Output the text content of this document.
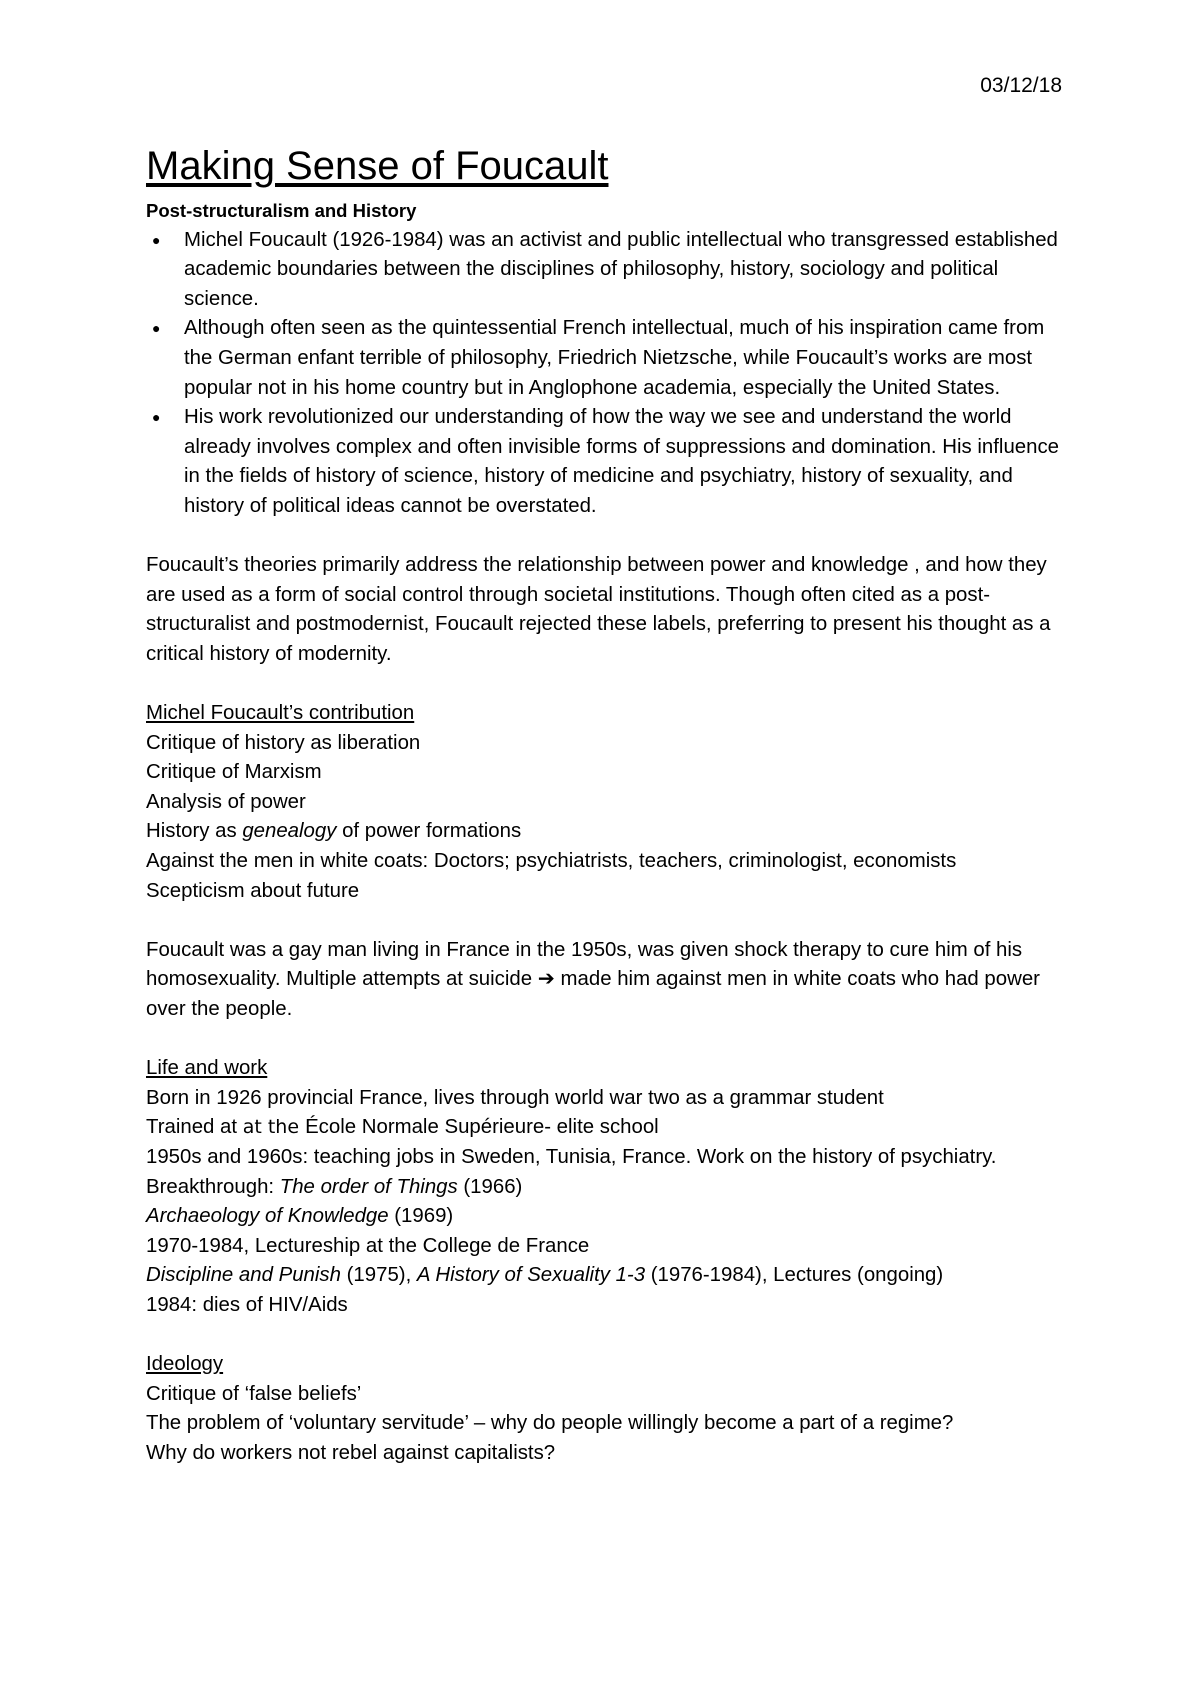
03/12/18
Making Sense of Foucault
Post-structuralism and History
● Michel Foucault (1926-1984) was an activist and public intellectual who transgressed established academic boundaries between the disciplines of philosophy, history, sociology and political science.
● Although often seen as the quintessential French intellectual, much of his inspiration came from the German enfant terrible of philosophy, Friedrich Nietzsche, while Foucault’s works are most popular not in his home country but in Anglophone academia, especially the United States.
● His work revolutionized our understanding of how the way we see and understand the world already involves complex and often invisible forms of suppressions and domination. His influence in the fields of history of science, history of medicine and psychiatry, history of sexuality, and history of political ideas cannot be overstated.

Foucault’s theories primarily address the relationship between power and knowledge , and how they are used as a form of social control through societal institutions. Though often cited as a post-structuralist and postmodernist, Foucault rejected these labels, preferring to present his thought as a critical history of modernity.

Michel Foucault’s contribution
Critique of history as liberation
Critique of Marxism
Analysis of power
History as genealogy of power formations
Against the men in white coats: Doctors; psychiatrists, teachers, criminologist, economists
Scepticism about future

Foucault was a gay man living in France in the 1950s, was given shock therapy to cure him of his homosexuality. Multiple attempts at suicide ➔ made him against men in white coats who had power over the people.

Life and work
Born in 1926 provincial France, lives through world war two as a grammar student
Trained at at the École Normale Supérieure- elite school
1950s and 1960s: teaching jobs in Sweden, Tunisia, France. Work on the history of psychiatry.
Breakthrough: The order of Things (1966)
Archaeology of Knowledge (1969)
1970-1984, Lectureship at the College de France
Discipline and Punish (1975), A History of Sexuality 1-3 (1976-1984), Lectures (ongoing)
1984: dies of HIV/Aids
Ideology
Critique of ‘false beliefs’
The problem of ‘voluntary servitude’ – why do people willingly become a part of a regime?
Why do workers not rebel against capitalists?
